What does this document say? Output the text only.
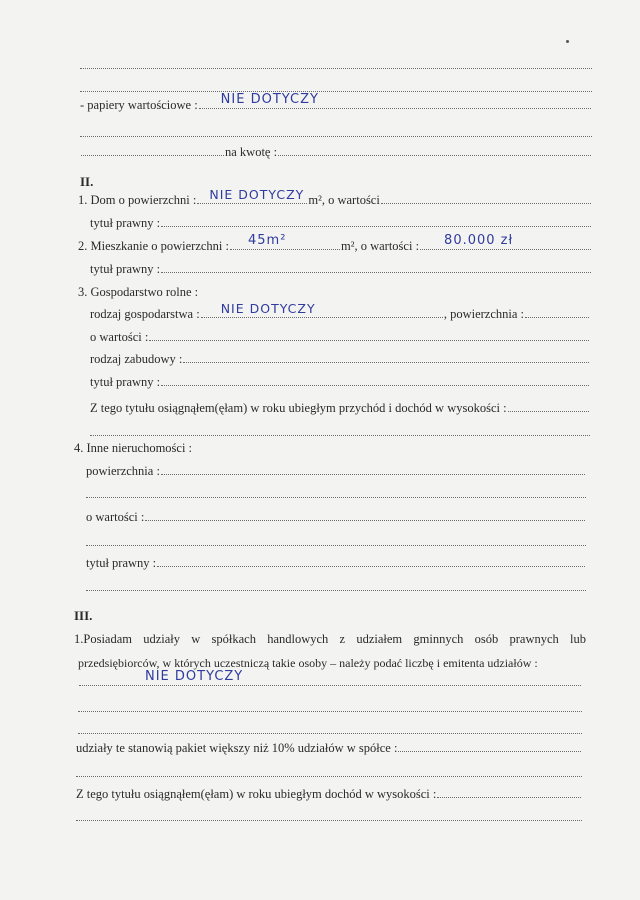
- papiery wartościowe : NIE DOTYCZY
na kwotę :
II.
1. Dom o powierzchni : NIE DOTYCZY m², o wartości
tytuł prawny :
2. Mieszkanie o powierzchni : 45m²	m², o wartości : 80.000 zł
tytuł prawny :
3. Gospodarstwo rolne :
rodzaj gospodarstwa : NIE DOTYCZY	, powierzchnia :
o wartości :
rodzaj zabudowy :
tytuł prawny :
Z tego tytułu osiągnąłem(ęłam) w roku ubiegłym przychód i dochód w wysokości :
4. Inne nieruchomości :
powierzchnia :
o wartości :
tytuł prawny :
III.
1.Posiadam udziały w spółkach handlowych z udziałem gminnych osób prawnych lub
przedsiębiorców, w których uczestniczą takie osoby – należy podać liczbę i emitenta udziałów :
NIE DOTYCZY
udziały te stanowią pakiet większy niż 10% udziałów w spółce :
Z tego tytułu osiągnąłem(ęłam) w roku ubiegłym dochód w wysokości :
